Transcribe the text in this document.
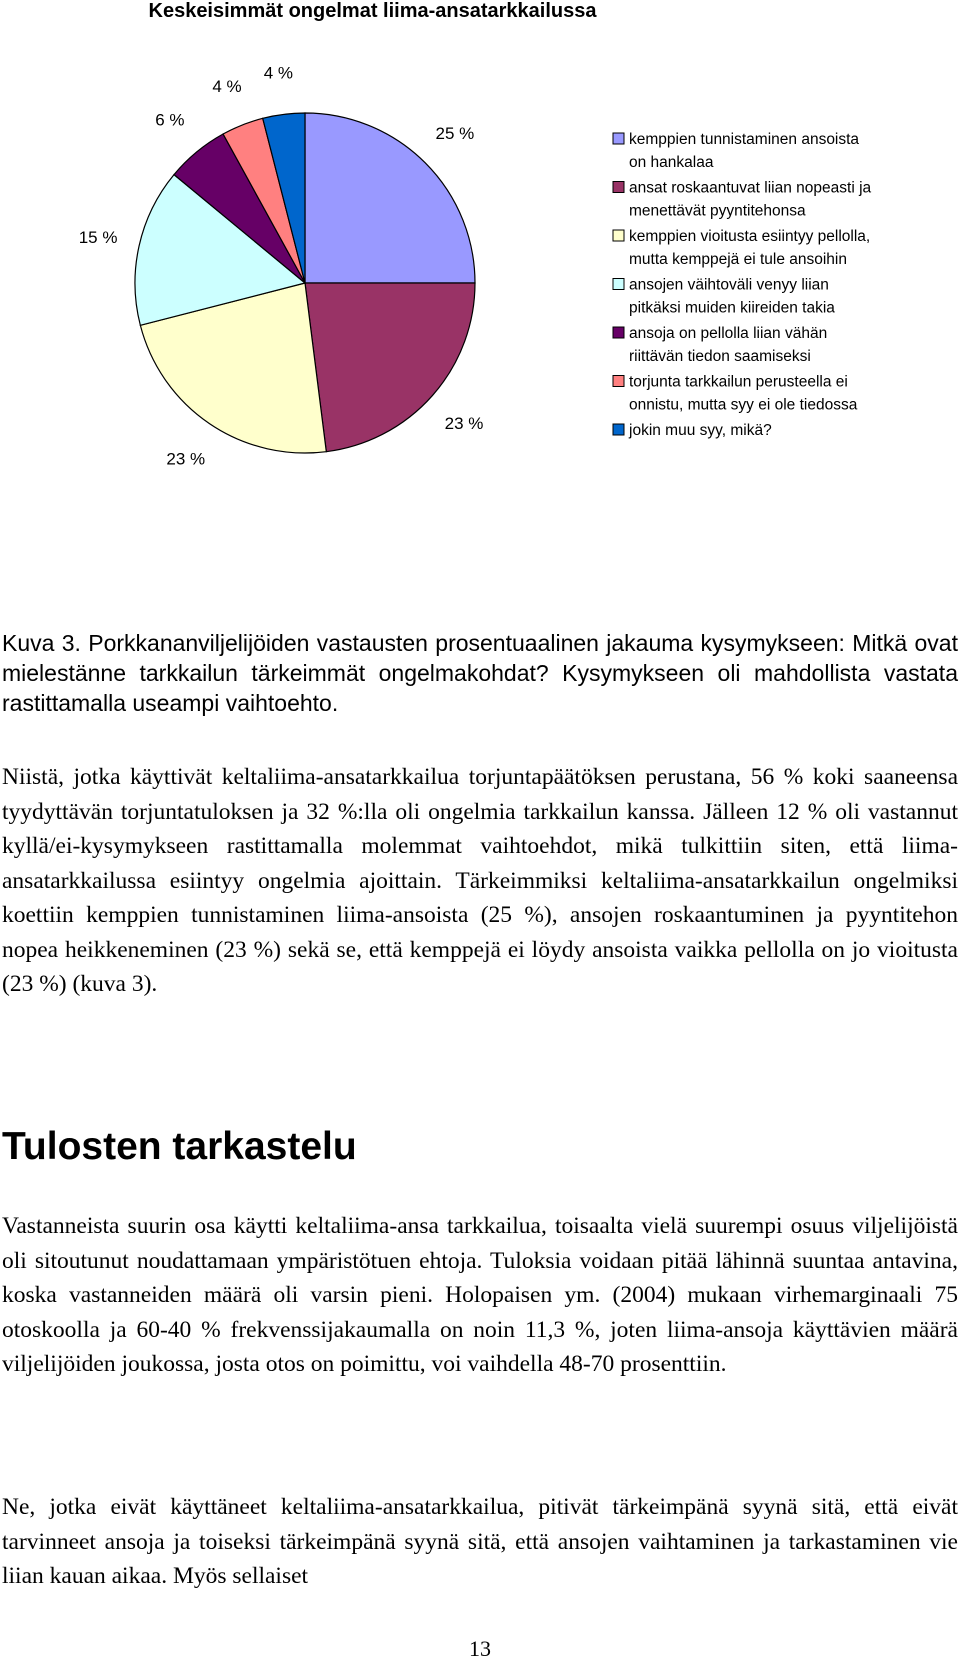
Keskeisimmät ongelmat liima-ansatarkkailussa
25 %
23 %
23 %
15 %
6 %
4 %
4 %
kemppien tunnistaminen ansoista
on hankalaa
ansat roskaantuvat liian nopeasti ja
menettävät pyyntitehonsa
kemppien vioitusta esiintyy pellolla,
mutta kemppejä ei tule ansoihin
ansojen väihtoväli venyy liian
pitkäksi muiden kiireiden takia
ansoja on pellolla liian vähän
riittävän tiedon saamiseksi
torjunta tarkkailun perusteella ei
onnistu, mutta syy ei ole tiedossa
jokin muu syy, mikä?

Kuva 3. Porkkananviljelijöiden vastausten prosentuaalinen jakauma kysymykseen: Mitkä ovat mielestänne tarkkailun tärkeimmät ongelmakohdat? Kysymykseen oli mahdollista vastata rastittamalla useampi vaihtoehto.

Niistä, jotka käyttivät keltaliima-ansatarkkailua torjuntapäätöksen perustana, 56 % koki saaneensa tyydyttävän torjuntatuloksen ja 32 %:lla oli ongelmia tarkkailun kanssa. Jälleen 12 % oli vastannut kyllä/ei-kysymykseen rastittamalla molemmat vaihtoehdot, mikä tulkittiin siten, että liima-ansatarkkailussa esiintyy ongelmia ajoittain. Tärkeimmiksi keltaliima-ansatarkkailun ongelmiksi koettiin kemppien tunnistaminen liima-ansoista (25 %), ansojen roskaantuminen ja pyyntitehon nopea heikkeneminen (23 %) sekä se, että kemppejä ei löydy ansoista vaikka pellolla on jo vioitusta (23 %) (kuva 3).

Tulosten tarkastelu

Vastanneista suurin osa käytti keltaliima-ansa tarkkailua, toisaalta vielä suurempi osuus viljelijöistä oli sitoutunut noudattamaan ympäristötuen ehtoja. Tuloksia voidaan pitää lähinnä suuntaa antavina, koska vastanneiden määrä oli varsin pieni. Holopaisen ym. (2004) mukaan virhemarginaali 75 otoskoolla ja 60-40 % frekvenssijakaumalla on noin 11,3 %, joten liima-ansoja käyttävien määrä viljelijöiden joukossa, josta otos on poimittu, voi vaihdella 48-70 prosenttiin.

Ne, jotka eivät käyttäneet keltaliima-ansatarkkailua, pitivät tärkeimpänä syynä sitä, että eivät tarvinneet ansoja ja toiseksi tärkeimpänä syynä sitä, että ansojen vaihtaminen ja tarkastaminen vie liian kauan aikaa. Myös sellaiset

13
